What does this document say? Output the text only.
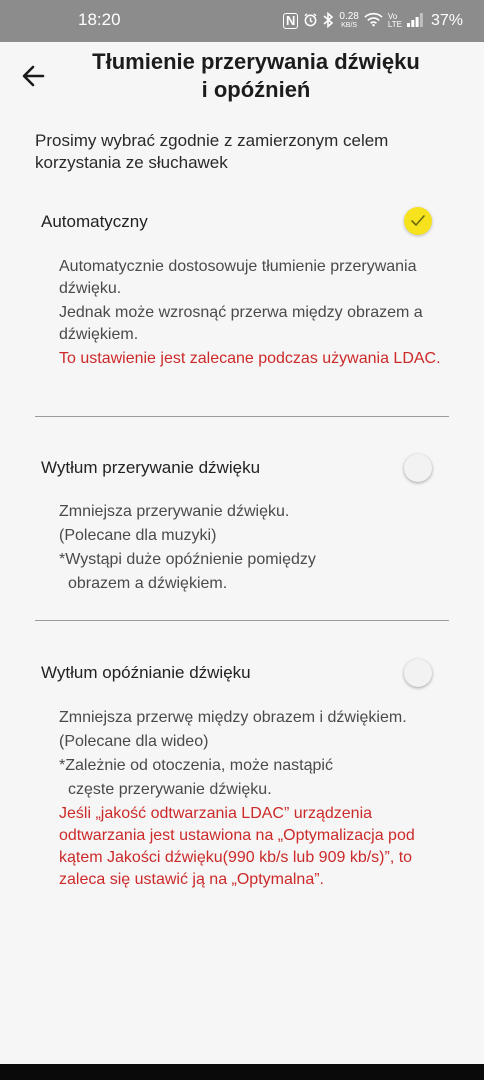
18:20	N	0.28
KB/S
Vo
LTE 37%
Tłumienie przerywania dźwięku
i opóźnień
Prosimy wybrać zgodnie z zamierzonym celem korzystania ze słuchawek
Automatyczny

Automatycznie dostosowuje tłumienie przerywania dźwięku.

Jednak może wzrosnąć przerwa między obrazem a dźwiękiem.

To ustawienie jest zalecane podczas używania LDAC.

Wytłum przerywanie dźwięku

Zmniejsza przerywanie dźwięku.

(Polecane dla muzyki)

*Wystąpi duże opóźnienie pomiędzy

obrazem a dźwiękiem.

Wytłum opóźnianie dźwięku

Zmniejsza przerwę między obrazem i dźwiękiem.

(Polecane dla wideo)

*Zależnie od otoczenia, może nastąpić

częste przerywanie dźwięku.

Jeśli „jakość odtwarzania LDAC” urządzenia odtwarzania jest ustawiona na „Optymalizacja pod kątem Jakości dźwięku(990 kb/s lub 909 kb/s)”, to zaleca się ustawić ją na „Optymalna”.
